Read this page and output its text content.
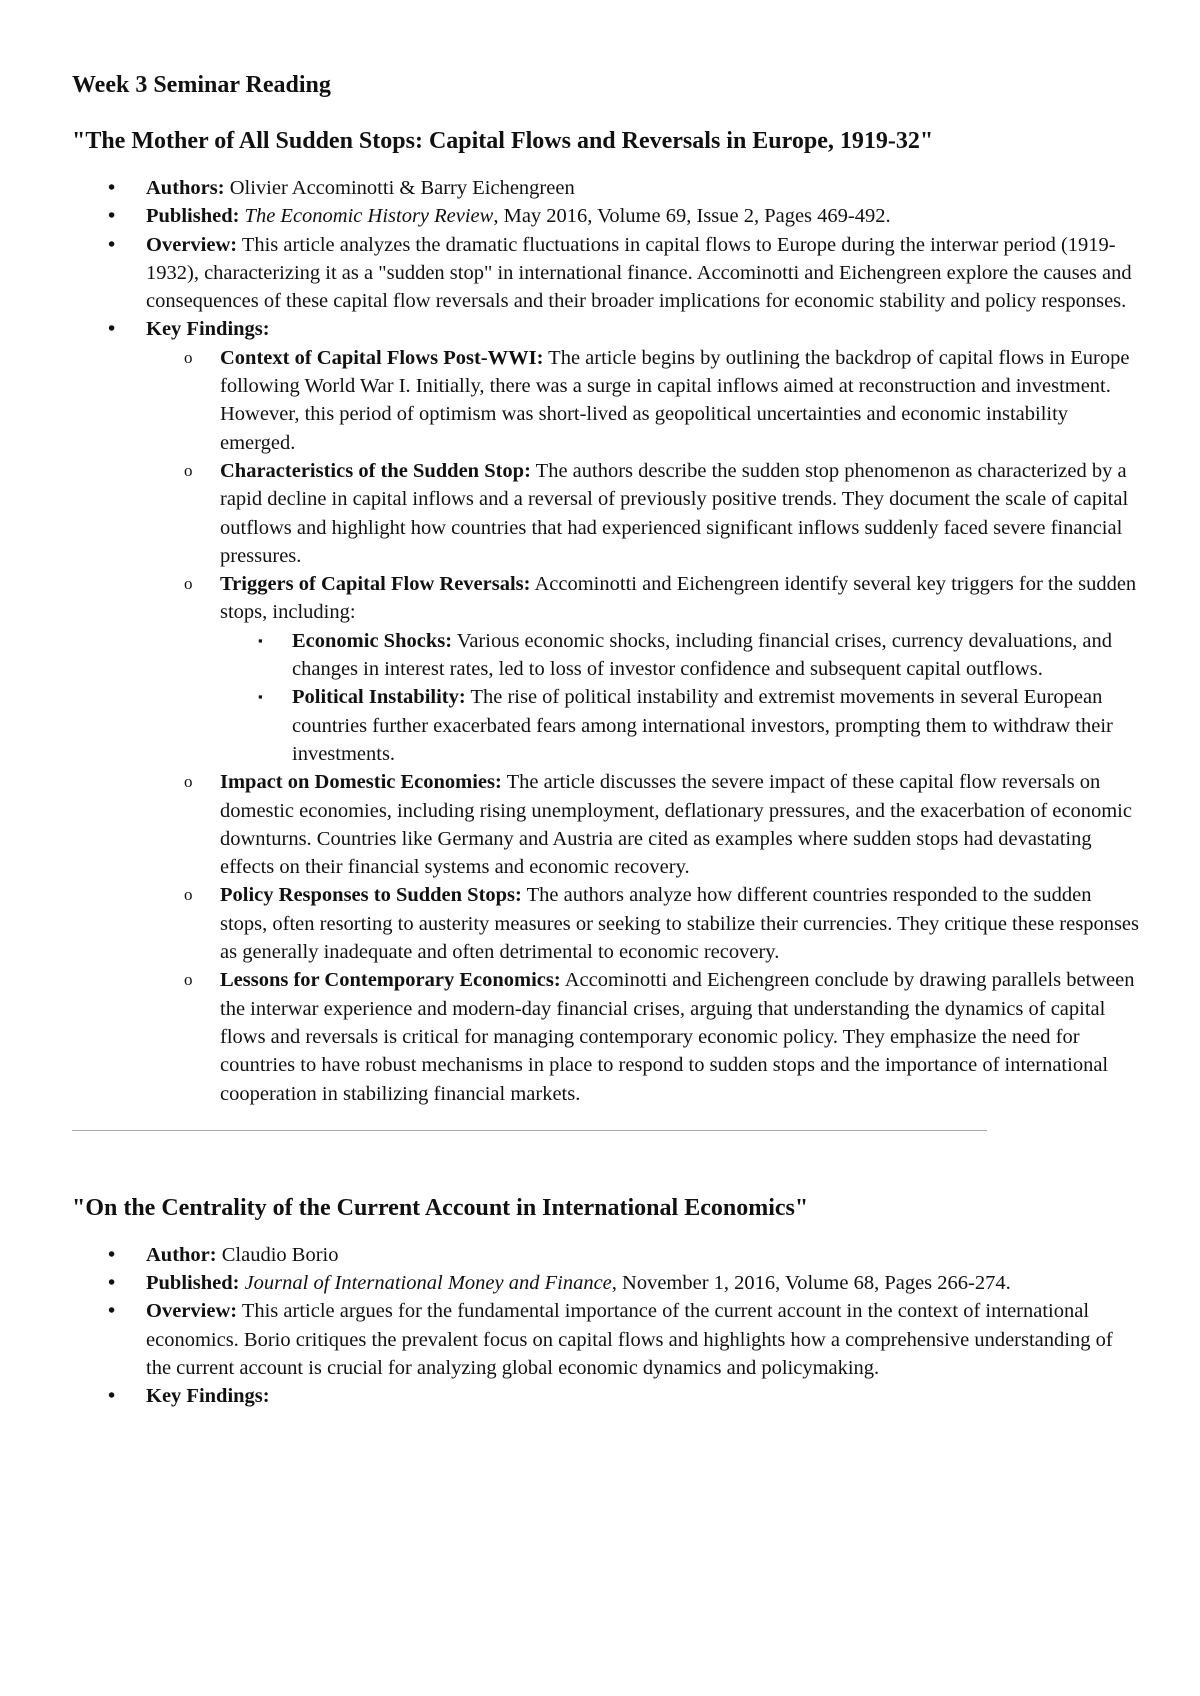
Week 3 Seminar Reading
"The Mother of All Sudden Stops: Capital Flows and Reversals in Europe, 1919-32"
• Authors: Olivier Accominotti & Barry Eichengreen
• Published: The Economic History Review, May 2016, Volume 69, Issue 2, Pages 469-492.
• Overview: This article analyzes the dramatic fluctuations in capital flows to Europe during the interwar period (1919-1932), characterizing it as a "sudden stop" in international finance. Accominotti and Eichengreen explore the causes and consequences of these capital flow reversals and their broader implications for economic stability and policy responses.
• Key Findings:
o Context of Capital Flows Post-WWI: The article begins by outlining the backdrop of capital flows in Europe following World War I. Initially, there was a surge in capital inflows aimed at reconstruction and investment. However, this period of optimism was short-lived as geopolitical uncertainties and economic instability emerged.
o Characteristics of the Sudden Stop: The authors describe the sudden stop phenomenon as characterized by a rapid decline in capital inflows and a reversal of previously positive trends. They document the scale of capital outflows and highlight how countries that had experienced significant inflows suddenly faced severe financial pressures.
o Triggers of Capital Flow Reversals: Accominotti and Eichengreen identify several key triggers for the sudden stops, including:
▪ Economic Shocks: Various economic shocks, including financial crises, currency devaluations, and changes in interest rates, led to loss of investor confidence and subsequent capital outflows.
▪ Political Instability: The rise of political instability and extremist movements in several European countries further exacerbated fears among international investors, prompting them to withdraw their investments.
o Impact on Domestic Economies: The article discusses the severe impact of these capital flow reversals on domestic economies, including rising unemployment, deflationary pressures, and the exacerbation of economic downturns. Countries like Germany and Austria are cited as examples where sudden stops had devastating effects on their financial systems and economic recovery.
o Policy Responses to Sudden Stops: The authors analyze how different countries responded to the sudden stops, often resorting to austerity measures or seeking to stabilize their currencies. They critique these responses as generally inadequate and often detrimental to economic recovery.
o Lessons for Contemporary Economics: Accominotti and Eichengreen conclude by drawing parallels between the interwar experience and modern-day financial crises, arguing that understanding the dynamics of capital flows and reversals is critical for managing contemporary economic policy. They emphasize the need for countries to have robust mechanisms in place to respond to sudden stops and the importance of international cooperation in stabilizing financial markets.
"On the Centrality of the Current Account in International Economics"
• Author: Claudio Borio
• Published: Journal of International Money and Finance, November 1, 2016, Volume 68, Pages 266-274.
• Overview: This article argues for the fundamental importance of the current account in the context of international economics. Borio critiques the prevalent focus on capital flows and highlights how a comprehensive understanding of the current account is crucial for analyzing global economic dynamics and policymaking.
• Key Findings:
